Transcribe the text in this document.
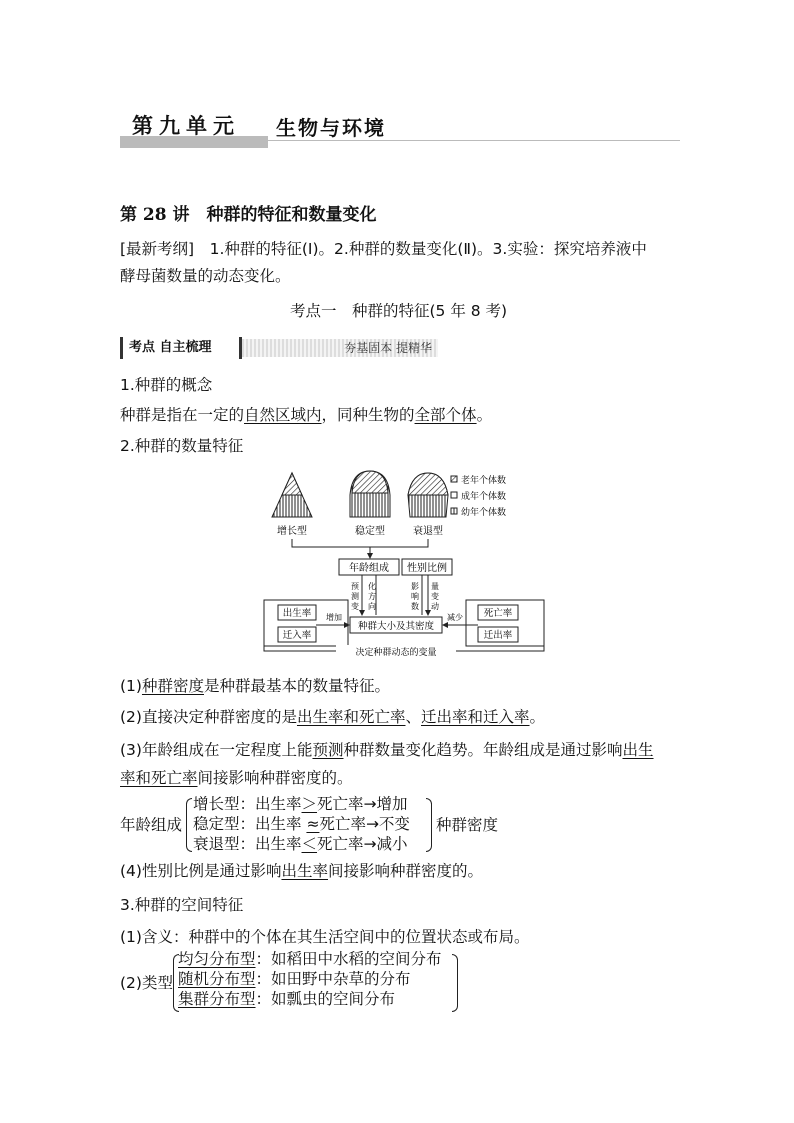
第九单元 生物与环境
第 28 讲　种群的特征和数量变化
[最新考纲]　1.种群的特征(Ⅰ)。2.种群的数量变化(Ⅱ)。3.实验：探究培养液中
酵母菌数量的动态变化。
考点一　种群的特征(5 年 8 考)
考点 自主梳理	夯基固本 提精华
1.种群的概念
种群是指在一定的自然区域内，同种生物的全部个体。
2.种群的数量特征
增长型	稳定型	衰退型
老年个体数
成年个体数
幼年个体数
年龄组成 性别比例
预
测
变
化
方
向
影
响
数
量
变
动
种群大小及其密度
出生率
迁入率
增加	死亡率
迁出率
减少
决定种群动态的变量
(1)种群密度是种群最基本的数量特征。
(2)直接决定种群密度的是出生率和死亡率、迁出率和迁入率。
(3)年龄组成在一定程度上能预测种群数量变化趋势。年龄组成是通过影响出生
率和死亡率间接影响种群密度的。
年龄组成
增长型：出生率＞死亡率→增加
稳定型：出生率 ≈死亡率→不变
衰退型：出生率＜死亡率→减小
种群密度
(4)性别比例是通过影响出生率间接影响种群密度的。
3.种群的空间特征
(1)含义：种群中的个体在其生活空间中的位置状态或布局。
(2)类型
均匀分布型：如稻田中水稻的空间分布
随机分布型：如田野中杂草的分布
集群分布型：如瓢虫的空间分布
